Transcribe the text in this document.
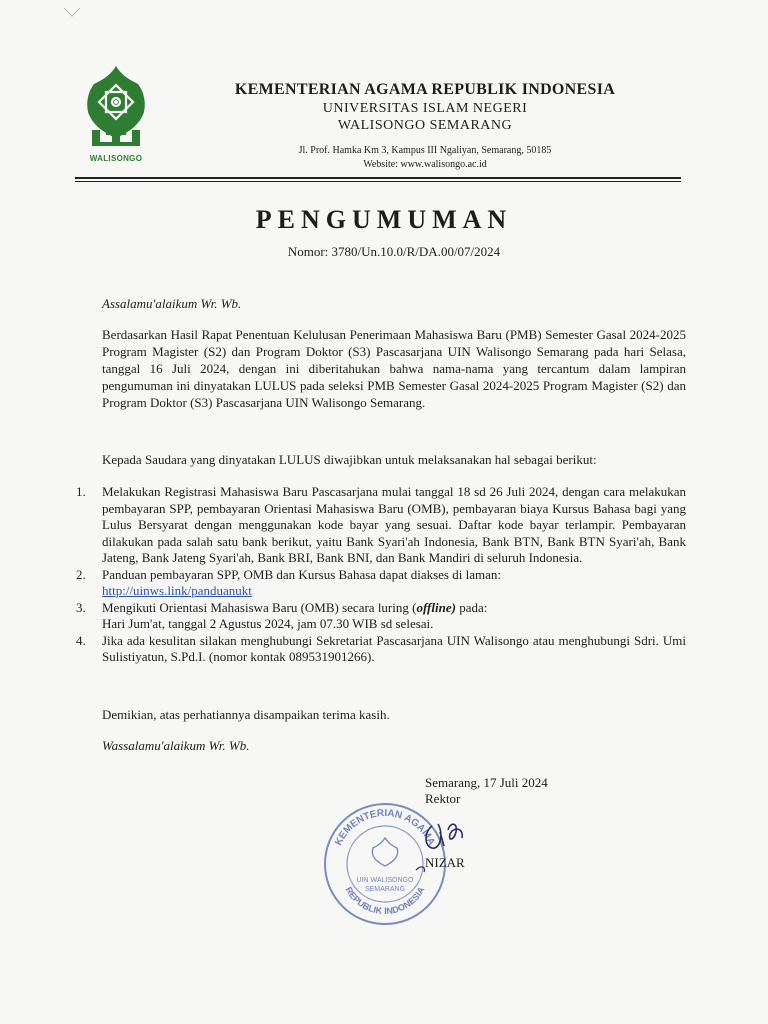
WALISONGO
KEMENTERIAN AGAMA REPUBLIK INDONESIA
UNIVERSITAS ISLAM NEGERI
WALISONGO SEMARANG
Jl. Prof. Hamka Km 3, Kampus III Ngaliyan, Semarang, 50185
Website: www.walisongo.ac.id
PENGUMUMAN
Nomor: 3780/Un.10.0/R/DA.00/07/2024
Assalamu'alaikum Wr. Wb.
Berdasarkan Hasil Rapat Penentuan Kelulusan Penerimaan Mahasiswa Baru (PMB) Semester Gasal 2024-2025 Program Magister (S2) dan Program Doktor (S3) Pascasarjana UIN Walisongo Semarang pada hari Selasa, tanggal 16 Juli 2024, dengan ini diberitahukan bahwa nama-nama yang tercantum dalam lampiran pengumuman ini dinyatakan LULUS pada seleksi PMB Semester Gasal 2024-2025 Program Magister (S2) dan Program Doktor (S3) Pascasarjana UIN Walisongo Semarang.
Kepada Saudara yang dinyatakan LULUS diwajibkan untuk melaksanakan hal sebagai berikut:
1. Melakukan Registrasi Mahasiswa Baru Pascasarjana mulai tanggal 18 sd 26 Juli 2024, dengan cara melakukan pembayaran SPP, pembayaran Orientasi Mahasiswa Baru (OMB), pembayaran biaya Kursus Bahasa bagi yang Lulus Bersyarat dengan menggunakan kode bayar yang sesuai. Daftar kode bayar terlampir. Pembayaran dilakukan pada salah satu bank berikut, yaitu Bank Syari'ah Indonesia, Bank BTN, Bank BTN Syari'ah, Bank Jateng, Bank Jateng Syari'ah, Bank BRI, Bank BNI, dan Bank Mandiri di seluruh Indonesia.
2. Panduan pembayaran SPP, OMB dan Kursus Bahasa dapat diakses di laman:
http://uinws.link/panduanukt
3. Mengikuti Orientasi Mahasiswa Baru (OMB) secara luring (offline) pada:
Hari Jum'at, tanggal 2 Agustus 2024, jam 07.30 WIB sd selesai.
4. Jika ada kesulitan silakan menghubungi Sekretariat Pascasarjana UIN Walisongo atau menghubungi Sdri. Umi Sulistiyatun, S.Pd.I. (nomor kontak 089531901266).
Demikian, atas perhatiannya disampaikan terima kasih.
Wassalamu'alaikum Wr. Wb.
Semarang, 17 Juli 2024
Rektor
KEMENTERIAN AGAMA
REPUBLIK INDONESIA
UIN WALISONGO
SEMARANG
NIZAR
